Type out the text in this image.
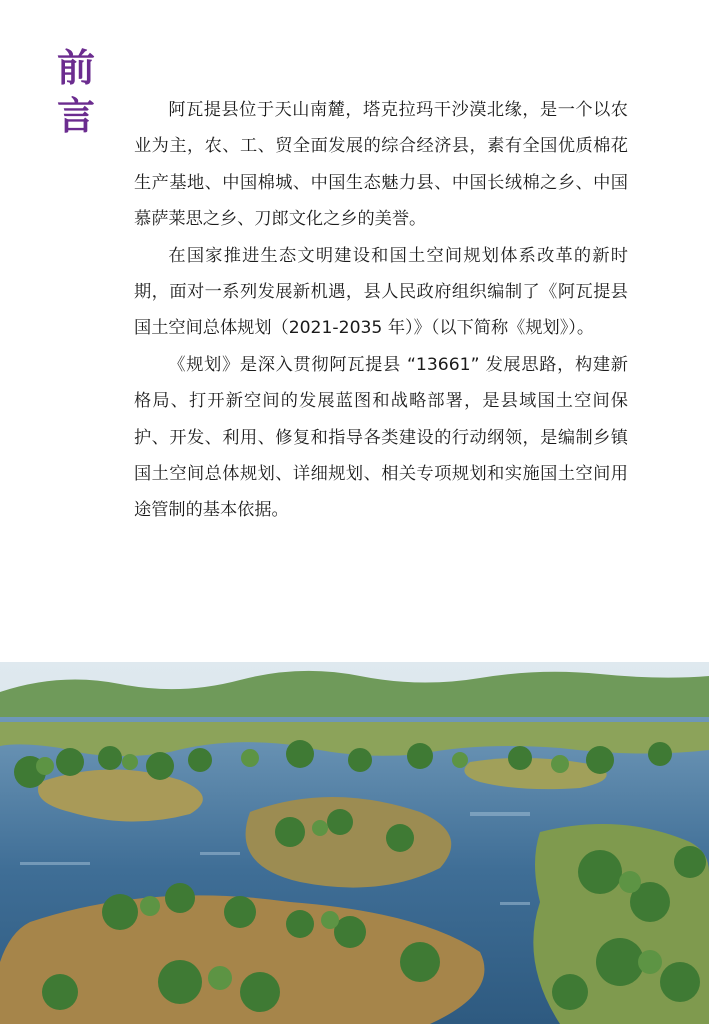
前
言	阿瓦提县位于天山南麓，塔克拉玛干沙漠北缘，是一个以农业为主，农、工、贸全面发展的综合经济县，素有全国优质棉花生产基地、中国棉城、中国生态魅力县、中国长绒棉之乡、中国慕萨莱思之乡、刀郎文化之乡的美誉。

在国家推进生态文明建设和国土空间规划体系改革的新时期，面对一系列发展新机遇，县人民政府组织编制了《阿瓦提县国土空间总体规划（2021-2035 年）》（以下简称《规划》）。

《规划》是深入贯彻阿瓦提县 “13661” 发展思路，构建新格局、打开新空间的发展蓝图和战略部署，是县域国土空间保护、开发、利用、修复和指导各类建设的行动纲领，是编制乡镇国土空间总体规划、详细规划、相关专项规划和实施国土空间用途管制的基本依据。
